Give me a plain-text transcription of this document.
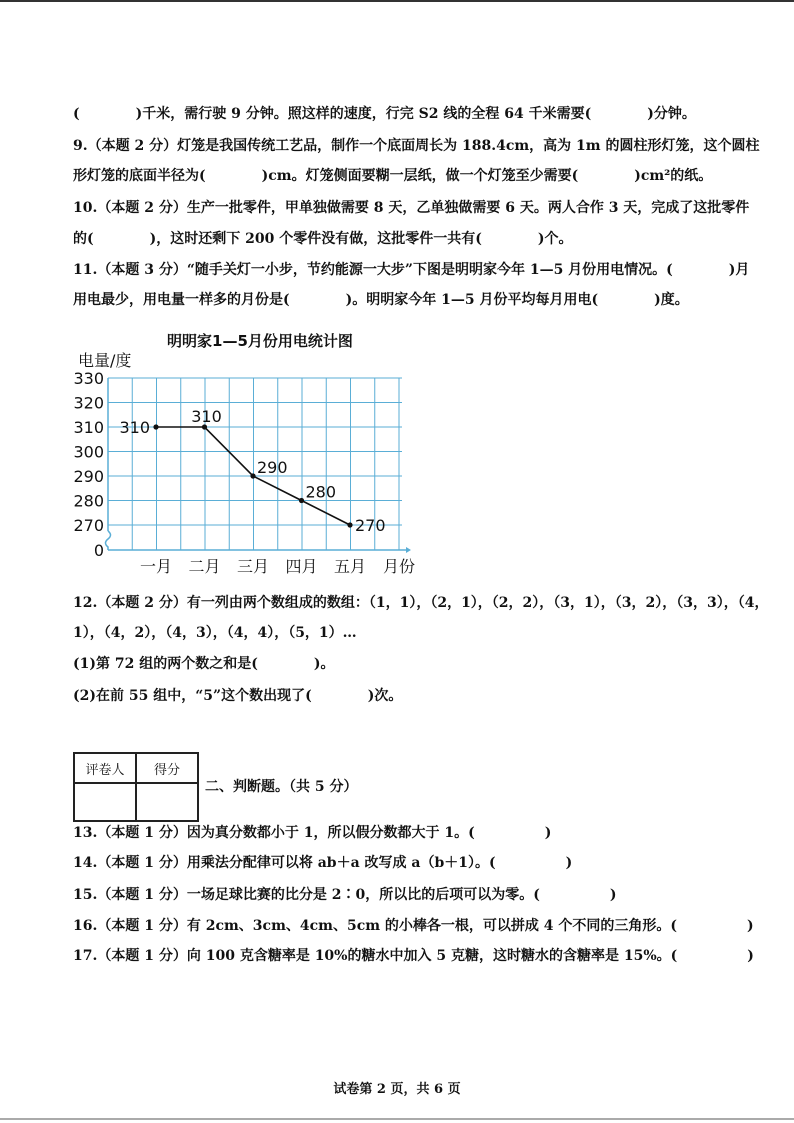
(　　　　)千米，需行驶 9 分钟。照这样的速度，行完 S2 线的全程 64 千米需要(　　　　)分钟。
9.（本题 2 分）灯笼是我国传统工艺品，制作一个底面周长为 188.4cm，高为 1m 的圆柱形灯笼，这个圆柱
形灯笼的底面半径为(　　　　)cm。灯笼侧面要糊一层纸，做一个灯笼至少需要(　　　　)cm²的纸。
10.（本题 2 分）生产一批零件，甲单独做需要 8 天，乙单独做需要 6 天。两人合作 3 天，完成了这批零件
的(　　　　)，这时还剩下 200 个零件没有做，这批零件一共有(　　　　)个。
11.（本题 3 分）“随手关灯一小步，节约能源一大步”下图是明明家今年 1—5 月份用电情况。(　　　　)月
用电最少，用电量一样多的月份是(　　　　)。明明家今年 1—5 月份平均每月用电(　　　　)度。
明明家1—5月份用电统计图
电量/度
330
320
310
300
290
280
270
0
一月 二月 三月 四月 五月
310
310
290
280
270
月份
12.（本题 2 分）有一列由两个数组成的数组：（1，1），（2，1），（2，2），（3，1），（3，2），（3，3），（4，
1），（4，2），（4，3），（4，4），（5，1）…
(1)第 72 组的两个数之和是(　　　　)。
(2)在前 55 组中，“5”这个数出现了(　　　　)次。
评卷人	得分

二、判断题。（共 5 分）
13.（本题 1 分）因为真分数都小于 1，所以假分数都大于 1。(　　　　　)
14.（本题 1 分）用乘法分配律可以将 ab＋a 改写成 a（b＋1）。(　　　　　)
15.（本题 1 分）一场足球比赛的比分是 2∶0，所以比的后项可以为零。(　　　　　)
16.（本题 1 分）有 2cm、3cm、4cm、5cm 的小棒各一根，可以拼成 4 个不同的三角形。(　　　　　)
17.（本题 1 分）向 100 克含糖率是 10%的糖水中加入 5 克糖，这时糖水的含糖率是 15%。(　　　　　)
试卷第 2 页，共 6 页
